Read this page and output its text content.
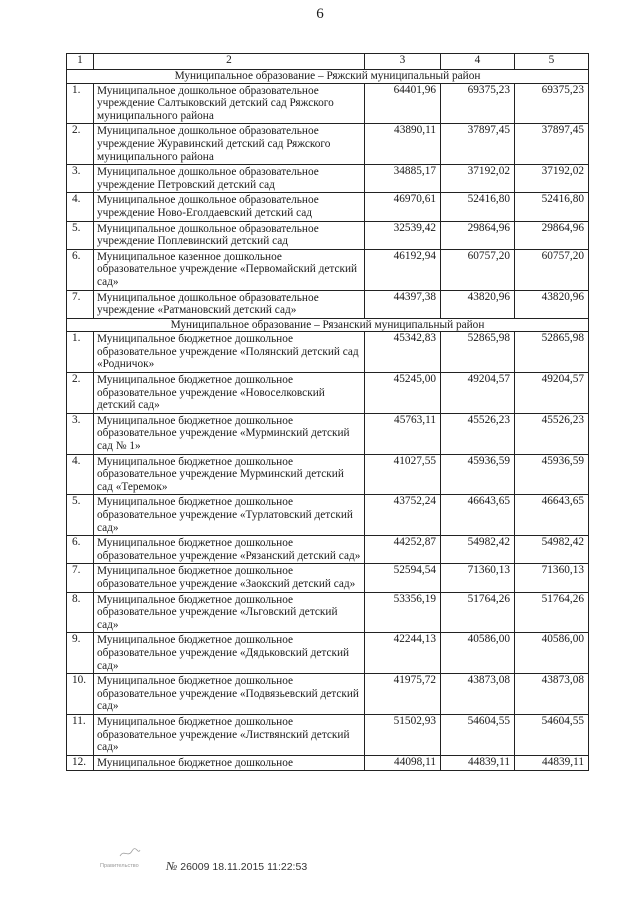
6
1	2	3	4	5
Муниципальное образование – Ряжский муниципальный район				
1.	Муниципальное дошкольное образовательное учреждение Салтыковский детский сад Ряжского муниципального района	64401,96	69375,23	69375,23
2.	Муниципальное дошкольное образовательное учреждение Журавинский детский сад Ряжского муниципального района	43890,11	37897,45	37897,45
3.	Муниципальное дошкольное образовательное учреждение Петровский детский сад	34885,17	37192,02	37192,02
4.	Муниципальное дошкольное образовательное учреждение Ново-Еголдаевский детский сад	46970,61	52416,80	52416,80
5.	Муниципальное дошкольное образовательное учреждение Поплевинский детский сад	32539,42	29864,96	29864,96
6.	Муниципальное казенное дошкольное образовательное учреждение «Первомайский детский сад»	46192,94	60757,20	60757,20
7.	Муниципальное дошкольное образовательное учреждение «Ратмановский детский сад»	44397,38	43820,96	43820,96
Муниципальное образование – Рязанский муниципальный район				
1.	Муниципальное бюджетное дошкольное образовательное учреждение «Полянский детский сад «Родничок»	45342,83	52865,98	52865,98
2.	Муниципальное бюджетное дошкольное образовательное учреждение «Новоселковский детский сад»	45245,00	49204,57	49204,57
3.	Муниципальное бюджетное дошкольное образовательное учреждение «Мурминский детский сад № 1»	45763,11	45526,23	45526,23
4.	Муниципальное бюджетное дошкольное образовательное учреждение Мурминский детский сад «Теремок»	41027,55	45936,59	45936,59
5.	Муниципальное бюджетное дошкольное образовательное учреждение «Турлатовский детский сад»	43752,24	46643,65	46643,65
6.	Муниципальное бюджетное дошкольное образовательное учреждение «Рязанский детский сад»	44252,87	54982,42	54982,42
7.	Муниципальное бюджетное дошкольное образовательное учреждение «Заокский детский сад»	52594,54	71360,13	71360,13
8.	Муниципальное бюджетное дошкольное образовательное учреждение «Льговский детский сад»	53356,19	51764,26	51764,26
9.	Муниципальное бюджетное дошкольное образовательное учреждение «Дядьковский детский сад»	42244,13	40586,00	40586,00
10.	Муниципальное бюджетное дошкольное образовательное учреждение «Подвязьевский детский сад»	41975,72	43873,08	43873,08
11.	Муниципальное бюджетное дошкольное образовательное учреждение «Листвянский детский сад»	51502,93	54604,55	54604,55
12.	Муниципальное бюджетное дошкольное	44098,11	44839,11	44839,11
Правительство № 26009 18.11.2015 11:22:53
